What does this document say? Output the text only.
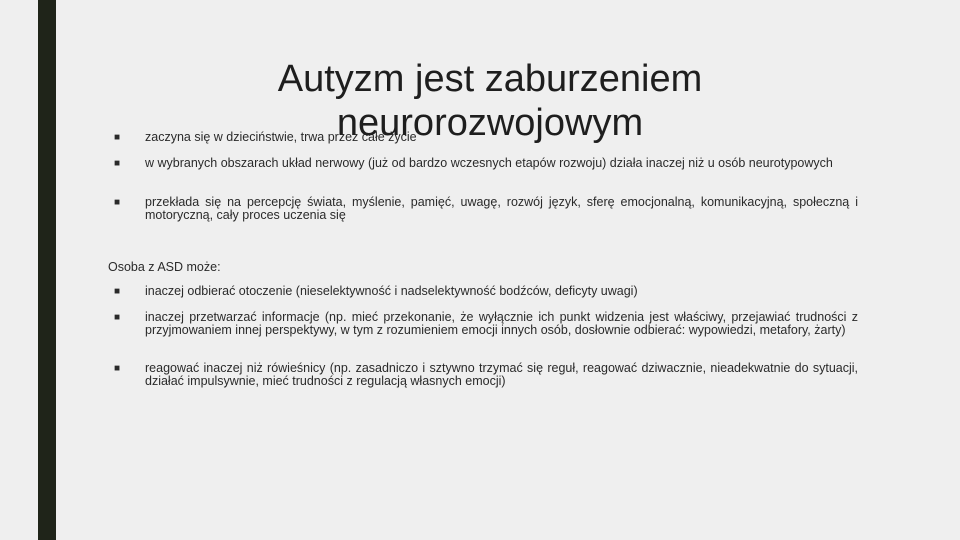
■ zaczyna się w dzieciństwie, trwa przez całe życie
■ w wybranych obszarach układ nerwowy (już od bardzo wczesnych etapów rozwoju) działa inaczej niż u osób neurotypowych
■ przekłada się na percepcję świata, myślenie, pamięć, uwagę, rozwój język, sferę emocjonalną, komunikacyjną, społeczną i motoryczną, cały proces uczenia się
Osoba z ASD może:
■ inaczej odbierać otoczenie (nieselektywność i nadselektywność bodźców, deficyty uwagi)
■ inaczej przetwarzać informacje (np. mieć przekonanie, że wyłącznie ich punkt widzenia jest właściwy, przejawiać trudności z przyjmowaniem innej perspektywy, w tym z rozumieniem emocji innych osób, dosłownie odbierać: wypowiedzi, metafory, żarty)
■ reagować inaczej niż rówieśnicy (np. zasadniczo i sztywno trzymać się reguł, reagować dziwacznie, nieadekwatnie do sytuacji, działać impulsywnie, mieć trudności z regulacją własnych emocji)
Autyzm jest zaburzeniem neurorozwojowym
